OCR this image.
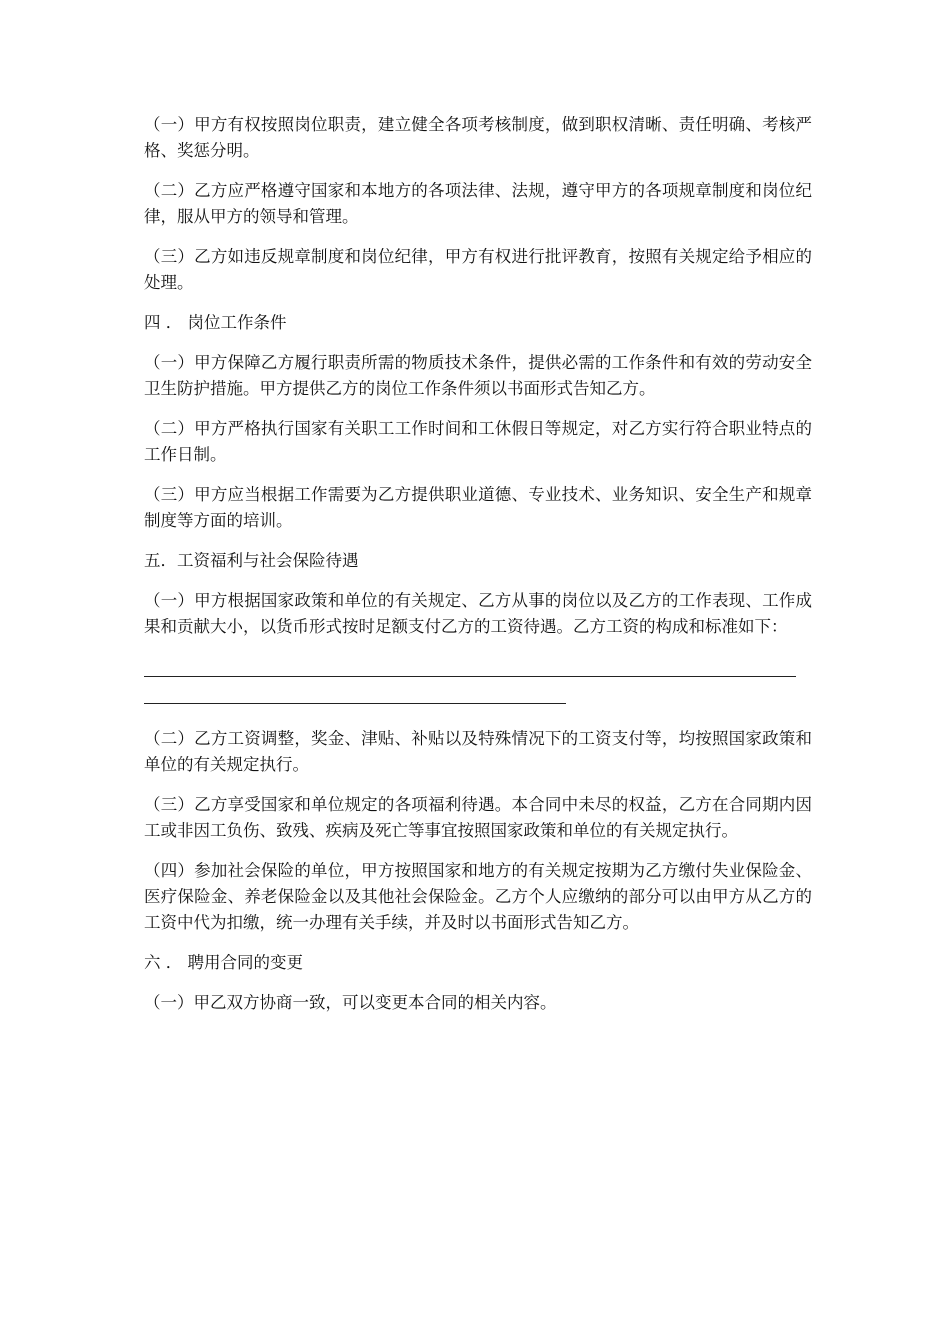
（一）甲方有权按照岗位职责，建立健全各项考核制度，做到职权清晰、责任明确、考核严格、奖惩分明。

（二）乙方应严格遵守国家和本地方的各项法律、法规，遵守甲方的各项规章制度和岗位纪律，服从甲方的领导和管理。

（三）乙方如违反规章制度和岗位纪律，甲方有权进行批评教育，按照有关规定给予相应的处理。

四 ． 岗位工作条件

（一）甲方保障乙方履行职责所需的物质技术条件，提供必需的工作条件和有效的劳动安全卫生防护措施。甲方提供乙方的岗位工作条件须以书面形式告知乙方。

（二）甲方严格执行国家有关职工工作时间和工休假日等规定，对乙方实行符合职业特点的工作日制。

（三）甲方应当根据工作需要为乙方提供职业道德、专业技术、业务知识、安全生产和规章制度等方面的培训。

五．工资福利与社会保险待遇

（一）甲方根据国家政策和单位的有关规定、乙方从事的岗位以及乙方的工作表现、工作成果和贡献大小，以货币形式按时足额支付乙方的工资待遇。乙方工资的构成和标准如下：

（二）乙方工资调整，奖金、津贴、补贴以及特殊情况下的工资支付等，均按照国家政策和单位的有关规定执行。

（三）乙方享受国家和单位规定的各项福利待遇。本合同中未尽的权益，乙方在合同期内因工或非因工负伤、致残、疾病及死亡等事宜按照国家政策和单位的有关规定执行。

（四）参加社会保险的单位，甲方按照国家和地方的有关规定按期为乙方缴付失业保险金、医疗保险金、养老保险金以及其他社会保险金。乙方个人应缴纳的部分可以由甲方从乙方的工资中代为扣缴，统一办理有关手续，并及时以书面形式告知乙方。

六 ． 聘用合同的变更

（一）甲乙双方协商一致，可以变更本合同的相关内容。
